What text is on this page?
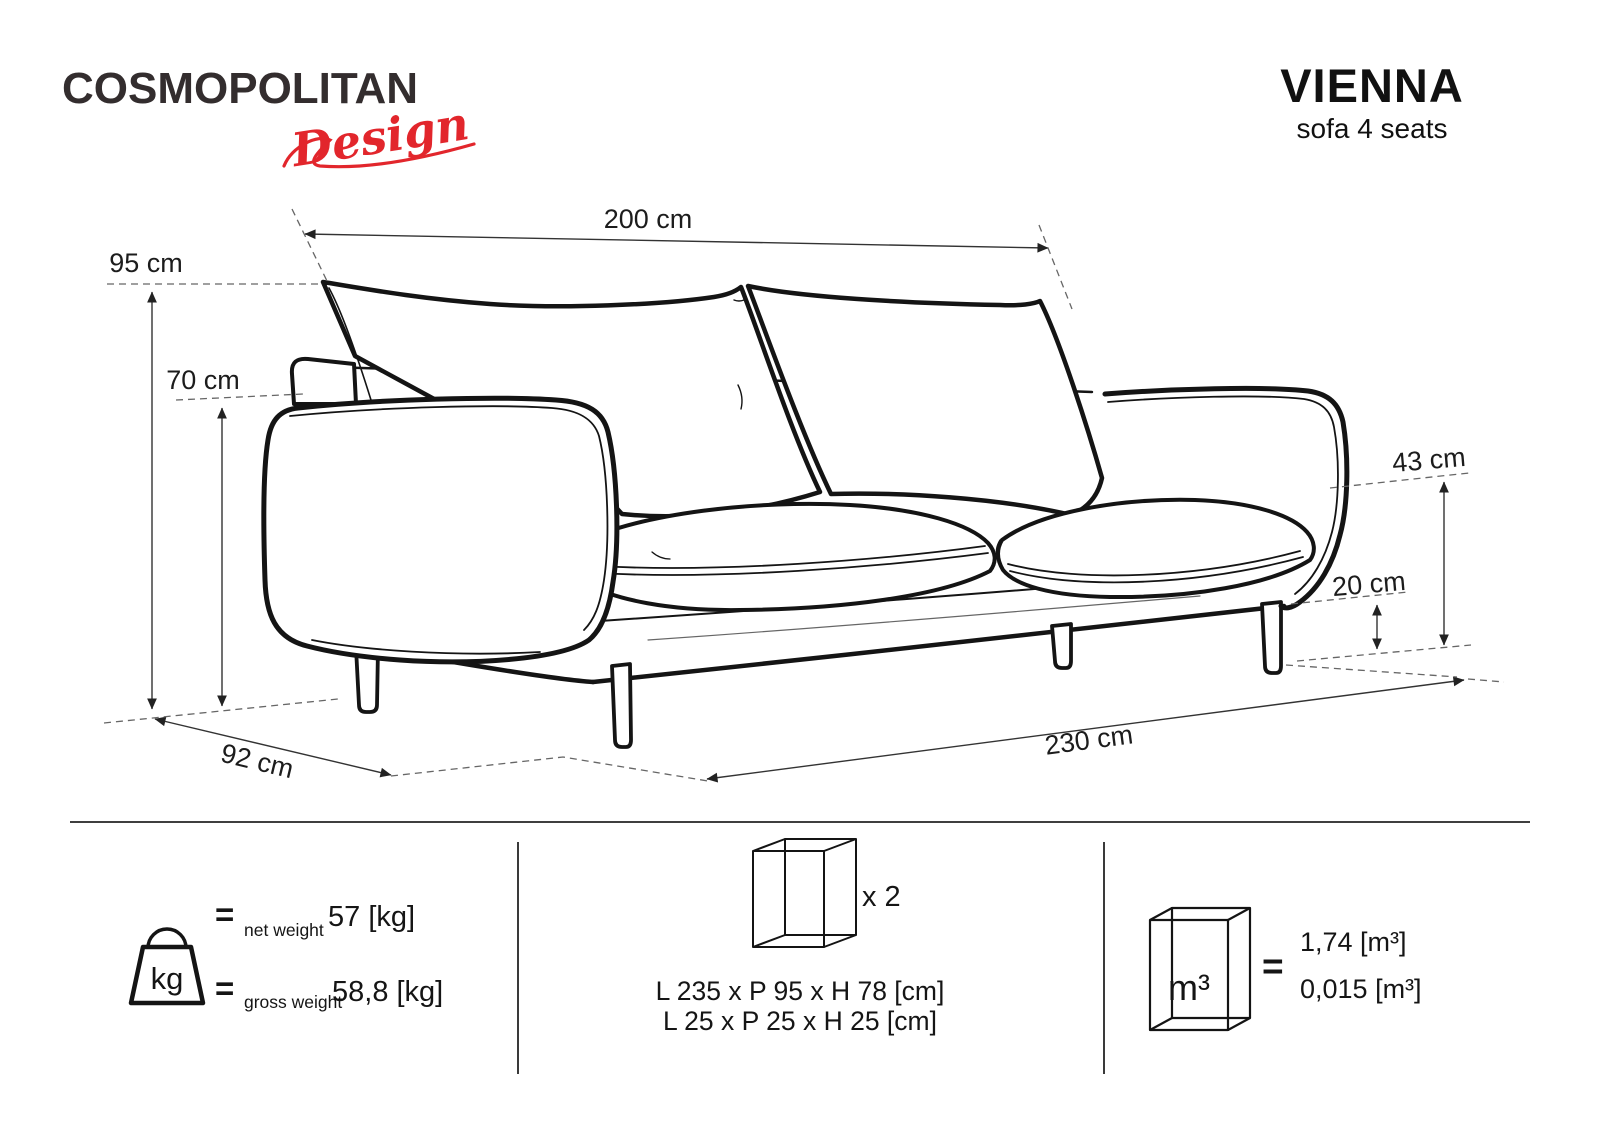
COSMOPOLITAN
Design
VIENNA
sofa 4 seats
200 cm
95 cm
70 cm
43 cm
20 cm
92 cm	230 cm
kg
= net weight 57 [kg]
= gross weight
58,8 [kg]
x 2
L 235 x P 95 x H 78 [cm]
L 25 x P 25 x H 25 [cm]
m³
=
1,74 [m³]
0,015 [m³]
